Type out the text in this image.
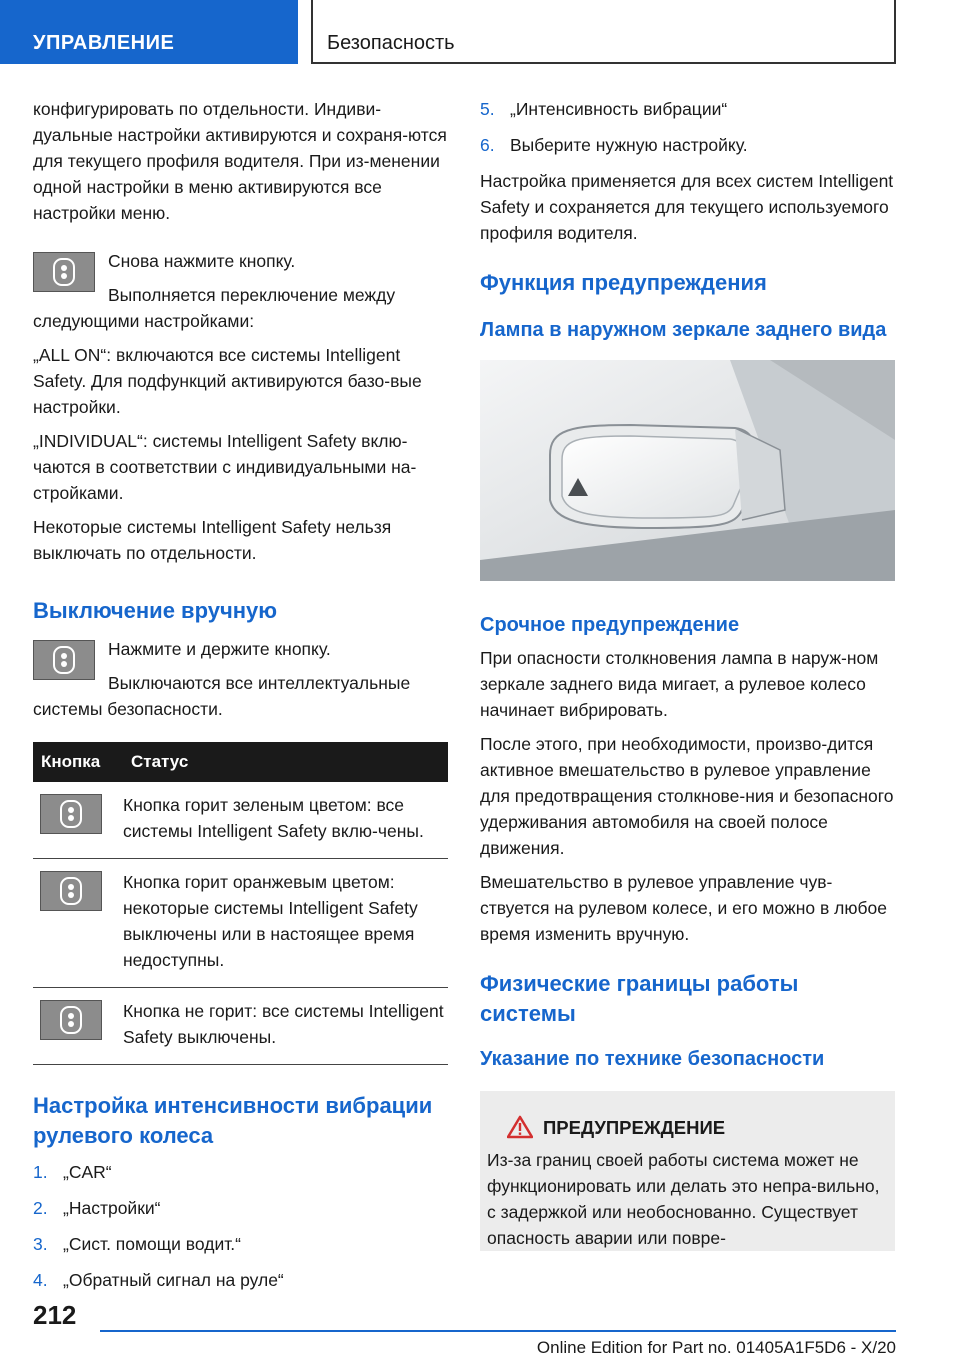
УПРАВЛЕНИЕ	Безопасность

конфигурировать по отдельности. Индиви-дуальные настройки активируются и сохраня-ются для текущего профиля водителя. При из-менении одной настройки в меню активируются все настройки меню.

Снова нажмите кнопку.

Выполняется переключение между следующими настройками:

„ALL ON“: включаются все системы Intelligent Safety. Для подфункций активируются базо-вые настройки.

„INDIVIDUAL“: системы Intelligent Safety вклю-чаются в соответствии с индивидуальными на-стройками.

Некоторые системы Intelligent Safety нельзя выключать по отдельности.

Выключение вручную

Нажмите и держите кнопку.

Выключаются все интеллектуальные системы безопасности.

Кнопка	Статус

	Кнопка горит зеленым цветом: все системы Intelligent Safety вклю-чены.

	Кнопка горит оранжевым цветом: некоторые системы Intelligent Safety выключены или в настоящее время недоступны.

	Кнопка не горит: все системы Intelligent Safety выключены.
Настройка интенсивности вибрации рулевого колеса
1. „CAR“
2. „Настройки“
3. „Сист. помощи водит.“
4. „Обратный сигнал на руле“
5. „Интенсивность вибрации“
6. Выберите нужную настройку.

Настройка применяется для всех систем Intelligent Safety и сохраняется для текущего используемого профиля водителя.

Функция предупреждения
Лампа в наружном зеркале заднего вида
Срочное предупреждение

При опасности столкновения лампа в наруж-ном зеркале заднего вида мигает, а рулевое колесо начинает вибрировать.

После этого, при необходимости, произво-дится активное вмешательство в рулевое управление для предотвращения столкнове-ния и безопасного удерживания автомобиля на своей полосе движения.

Вмешательство в рулевое управление чув-ствуется на рулевом колесе, и его можно в любое время изменить вручную.

Физические границы работы системы
Указание по технике безопасности
ПРЕДУПРЕЖДЕНИЕ

Из-за границ своей работы система может не функционировать или делать это непра-вильно, с задержкой или необоснованно. Существует опасность аварии или повре-

212
Online Edition for Part no. 01405A1F5D6 - X/20
